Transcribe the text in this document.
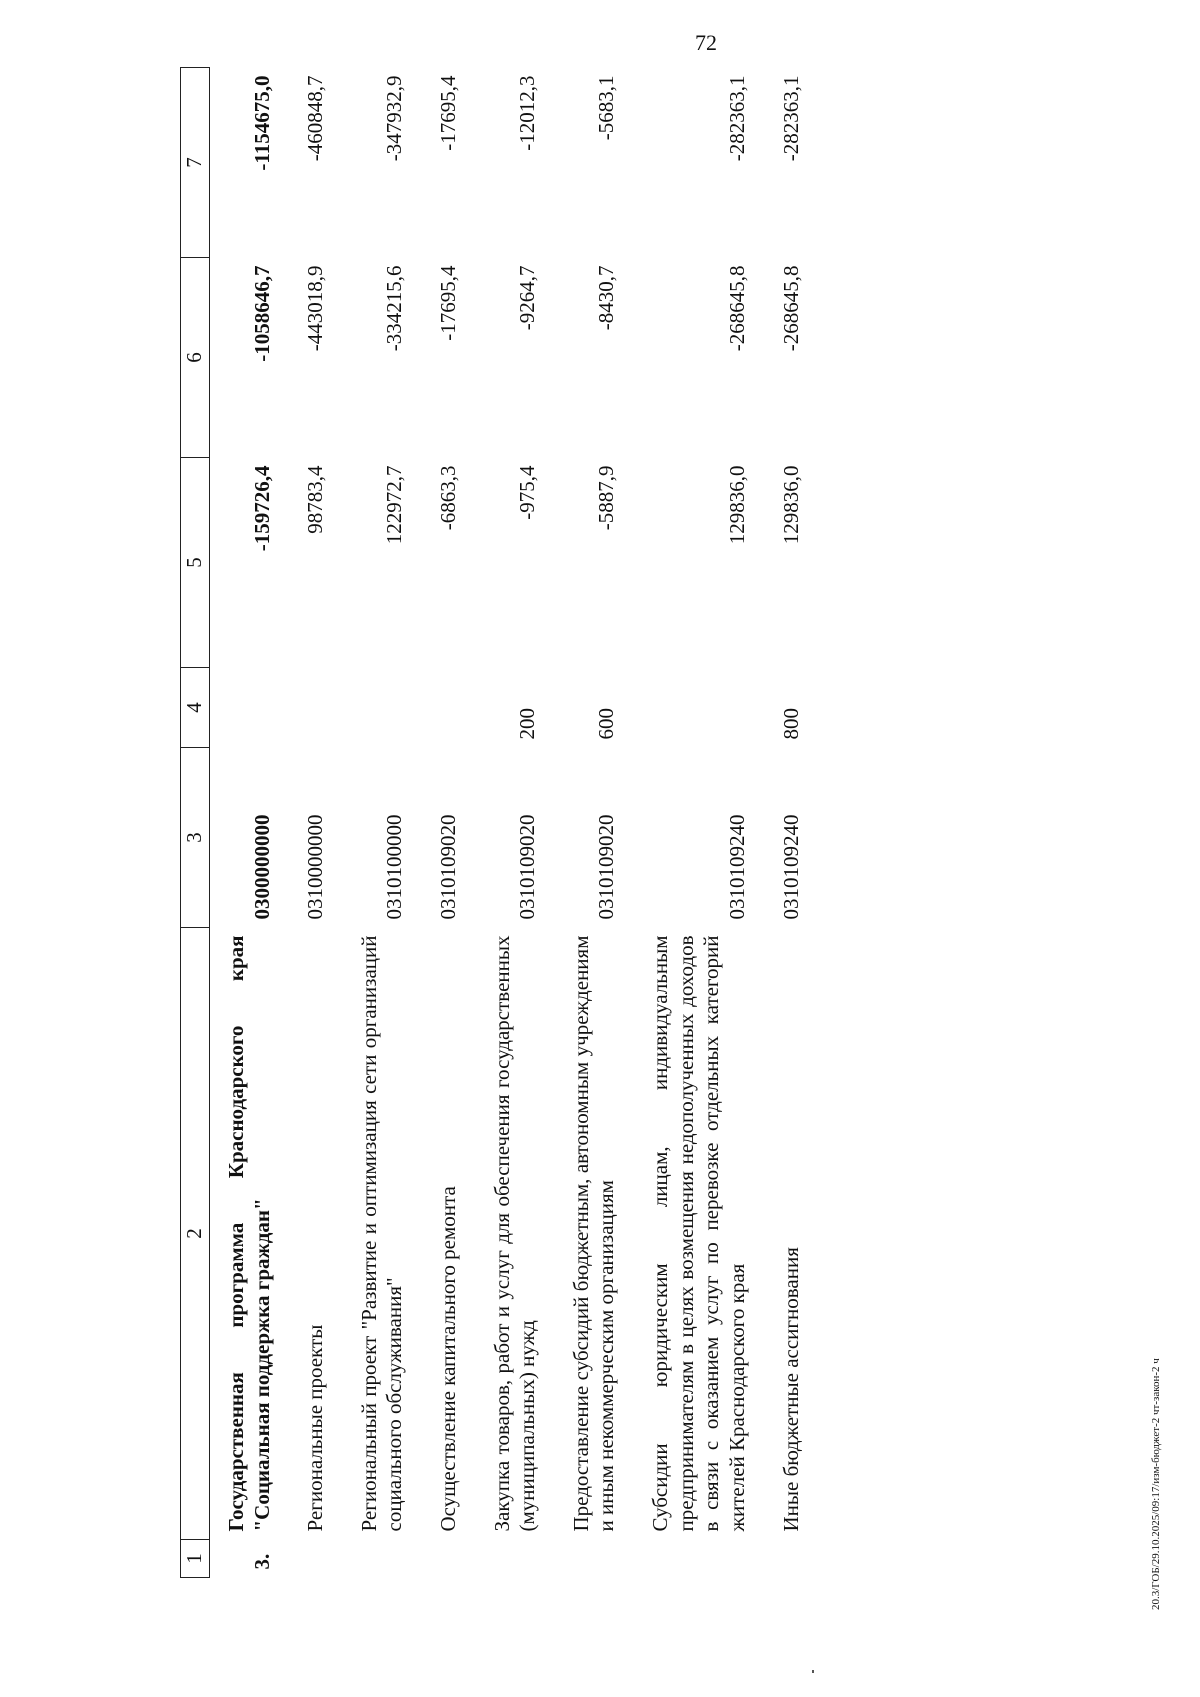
72
20.3/ГОБ/29.10.2025/09:17/изм-бюджет-2 чт-закон-2 ч
1	2	3	4	5	6	7
3.	Государственная программа Краснодарского края "Социальная поддержка граждан"	0300000000		-159726,4	-1058646,7	-1154675,0
	Региональные проекты	0310000000		98783,4	-443018,9	-460848,7
	Региональный проект "Развитие и оптимизация сети организаций социального обслуживания"	0310100000		122972,7	-334215,6	-347932,9
	Осуществление капитального ремонта	0310109020		-6863,3	-17695,4	-17695,4
	Закупка товаров, работ и услуг для обеспечения государственных (муниципальных) нужд	0310109020	200	-975,4	-9264,7	-12012,3
	Предоставление субсидий бюджетным, автономным учреждениям и иным некоммерческим организациям	0310109020	600	-5887,9	-8430,7	-5683,1
	Субсидии юридическим лицам, индивидуальным предпринимателям в целях возмещения недополученных доходов в связи с оказанием услуг по перевозке отдельных категорий жителей Краснодарского края	0310109240		129836,0	-268645,8	-282363,1
	Иные бюджетные ассигнования	0310109240	800	129836,0	-268645,8	-282363,1
